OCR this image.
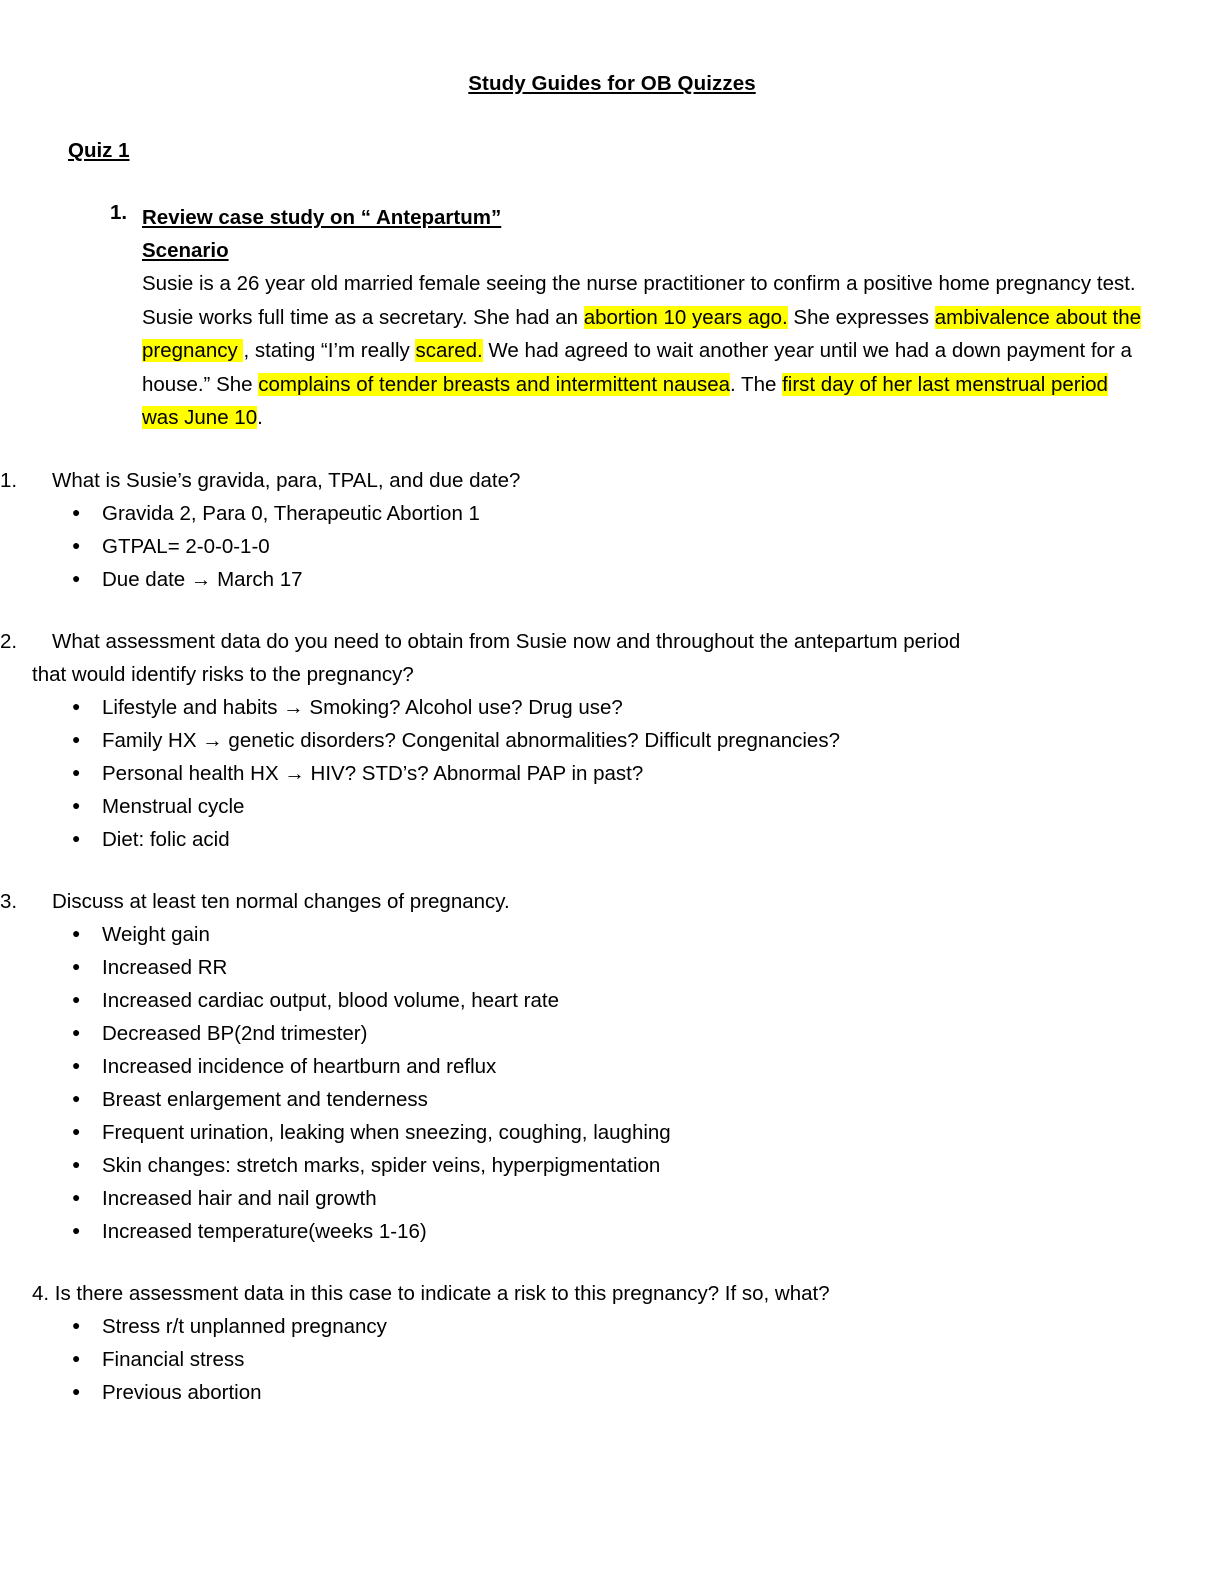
Study Guides for OB Quizzes
Quiz 1
1. Review case study on “ Antepartum”
Scenario

Susie is a 26 year old married female seeing the nurse practitioner to confirm a positive home pregnancy test. Susie works full time as a secretary. She had an abortion 10 years ago. She expresses ambivalence about the pregnancy , stating “I’m really scared. We had agreed to wait another year until we had a down payment for a house.” She complains of tender breasts and intermittent nausea. The first day of her last menstrual period was June 10.

1. What is Susie’s gravida, para, TPAL, and due date?

● Gravida 2, Para 0, Therapeutic Abortion 1
● GTPAL= 2-0-0-1-0
● Due date → March 17

2. What assessment data do you need to obtain from Susie now and throughout the antepartum period that would identify risks to the pregnancy?

● Lifestyle and habits → Smoking? Alcohol use? Drug use?
● Family HX → genetic disorders? Congenital abnormalities? Difficult pregnancies?
● Personal health HX → HIV? STD’s? Abnormal PAP in past?
● Menstrual cycle
● Diet: folic acid

3. Discuss at least ten normal changes of pregnancy.

● Weight gain
● Increased RR
● Increased cardiac output, blood volume, heart rate
● Decreased BP(2nd trimester)
● Increased incidence of heartburn and reflux
● Breast enlargement and tenderness
● Frequent urination, leaking when sneezing, coughing, laughing
● Skin changes: stretch marks, spider veins, hyperpigmentation
● Increased hair and nail growth
● Increased temperature(weeks 1-16)

4. Is there assessment data in this case to indicate a risk to this pregnancy? If so, what?

● Stress r/t unplanned pregnancy
● Financial stress
● Previous abortion
